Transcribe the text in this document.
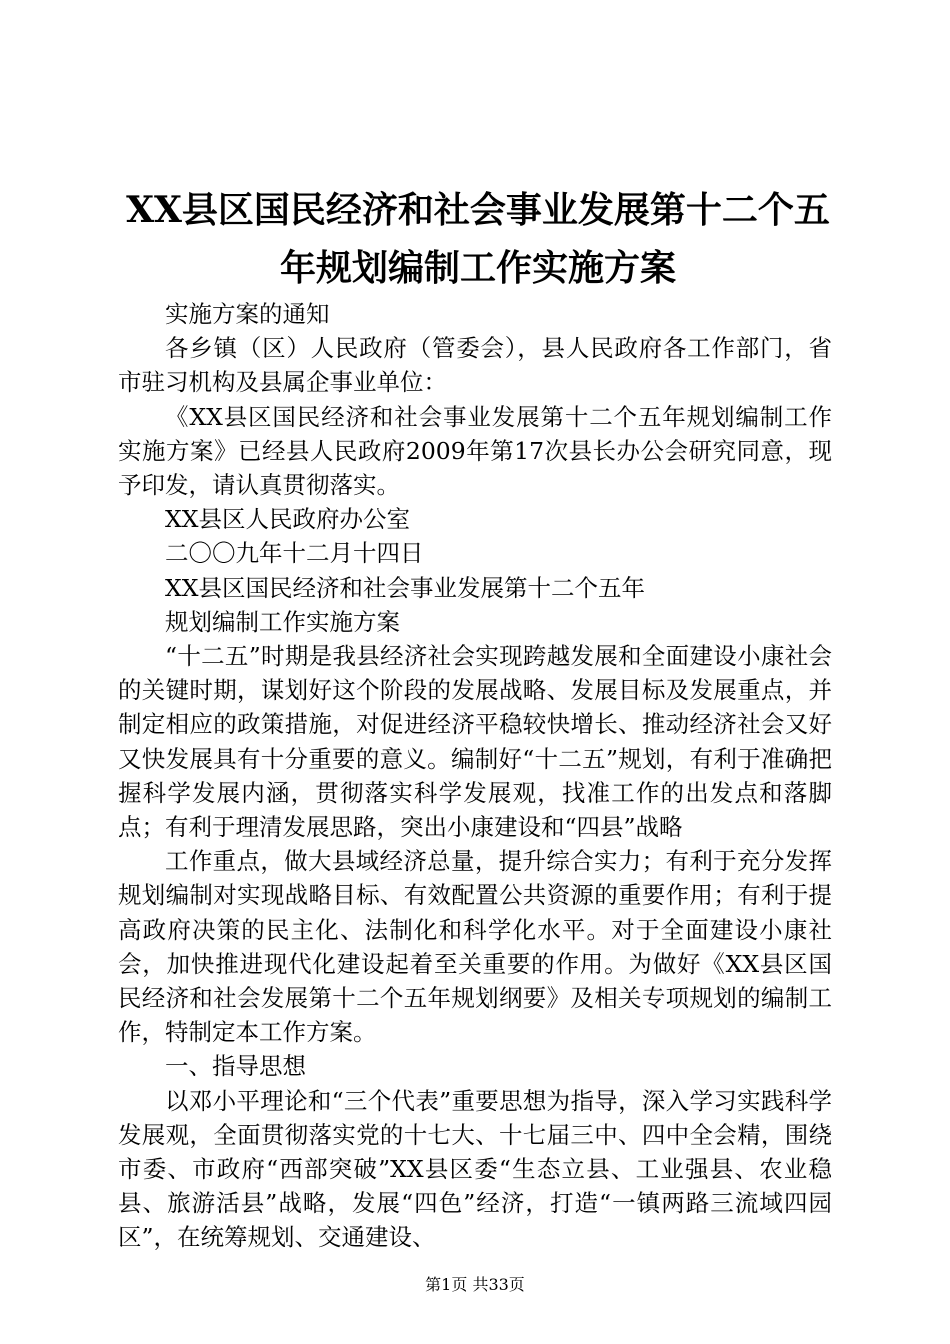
XX县区国民经济和社会事业发展第十二个五
年规划编制工作实施方案

实施方案的通知

各乡镇（区）人民政府（管委会），县人民政府各工作部门，省市驻习机构及县属企事业单位：

《XX县区国民经济和社会事业发展第十二个五年规划编制工作实施方案》已经县人民政府2009年第17次县长办公会研究同意，现予印发，请认真贯彻落实。

XX县区人民政府办公室

二〇〇九年十二月十四日

XX县区国民经济和社会事业发展第十二个五年

规划编制工作实施方案

“十二五”时期是我县经济社会实现跨越发展和全面建设小康社会的关键时期，谋划好这个阶段的发展战略、发展目标及发展重点，并制定相应的政策措施，对促进经济平稳较快增长、推动经济社会又好又快发展具有十分重要的意义。编制好“十二五”规划，有利于准确把握科学发展内涵，贯彻落实科学发展观，找准工作的出发点和落脚点；有利于理清发展思路，突出小康建设和“四县”战略

工作重点，做大县域经济总量，提升综合实力；有利于充分发挥规划编制对实现战略目标、有效配置公共资源的重要作用；有利于提高政府决策的民主化、法制化和科学化水平。对于全面建设小康社会，加快推进现代化建设起着至关重要的作用。为做好《XX县区国民经济和社会发展第十二个五年规划纲要》及相关专项规划的编制工作，特制定本工作方案。

一、指导思想

以邓小平理论和“三个代表”重要思想为指导，深入学习实践科学发展观，全面贯彻落实党的十七大、十七届三中、四中全会精，围绕市委、市政府“西部突破”XX县区委“生态立县、工业强县、农业稳县、旅游活县”战略，发展“四色”经济，打造“一镇两路三流域四园区”，在统筹规划、交通建设、

第1页 共33页
